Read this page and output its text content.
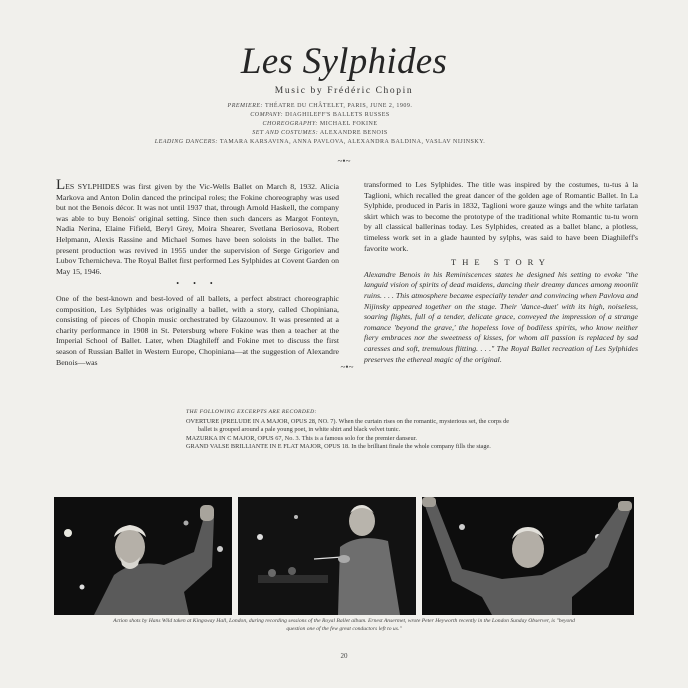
Les Sylphides
Music by Frédéric Chopin
PREMIERE: THÉATRE DU CHÂTELET, PARIS, JUNE 2, 1909.
COMPANY: DIAGHILEFF'S BALLETS RUSSES
CHOREOGRAPHY: MICHAEL FOKINE
SET AND COSTUMES: ALEXANDRE BENOIS
LEADING DANCERS: TAMARA KARSAVINA, ANNA PAVLOVA, ALEXANDRA BALDINA, VASLAV NIJINSKY.
~•~

LES SYLPHIDES was first given by the Vic-Wells Ballet on March 8, 1932. Alicia Markova and Anton Dolin danced the principal roles; the Fokine choreography was used but not the Benois décor. It was not until 1937 that, through Arnold Haskell, the company was able to buy Benois' original setting. Since then such dancers as Margot Fonteyn, Nadia Nerina, Elaine Fifield, Beryl Grey, Moira Shearer, Svetlana Beriosova, Robert Helpmann, Alexis Rassine and Michael Somes have been soloists in the ballet. The present production was revived in 1955 under the supervision of Serge Grigoriev and Lubov Tchernicheva. The Royal Ballet first performed Les Sylphides at Covent Garden on May 15, 1946.

• • •

One of the best-known and best-loved of all ballets, a perfect abstract choreographic composition, Les Sylphides was originally a ballet, with a story, called Chopiniana, consisting of pieces of Chopin music orchestrated by Glazounov. It was presented at a charity performance in 1908 in St. Petersburg where Fokine was then a teacher at the Imperial School of Ballet. Later, when Diaghileff and Fokine met to discuss the first season of Russian Ballet in Western Europe, Chopiniana—at the suggestion of Alexandre Benois—was	~•~

transformed to Les Sylphides. The title was inspired by the costumes, tu-tus à la Taglioni, which recalled the great dancer of the golden age of Romantic Ballet. In La Sylphide, produced in Paris in 1832, Taglioni wore gauze wings and the white tarlatan skirt which was to become the prototype of the traditional white Romantic tu-tu worn by all classical ballerinas today. Les Sylphides, created as a ballet blanc, a plotless, timeless work set in a glade haunted by sylphs, was said to have been Diaghileff's favorite work.

THE STORY

Alexandre Benois in his Reminiscences states he designed his setting to evoke "the languid vision of spirits of dead maidens, dancing their dreamy dances among moonlit ruins. . . . This atmosphere became especially tender and convincing when Pavlova and Nijinsky appeared together on the stage. Their 'dance-duet' with its high, noiseless, soaring flights, full of a tender, delicate grace, conveyed the impression of a strange romance 'beyond the grave,' the hopeless love of bodiless spirits, who know neither fiery embraces nor the sweetness of kisses, for whom all passion is replaced by sad caresses and soft, tremulous flitting. . . ." The Royal Ballet recreation of Les Sylphides preserves the ethereal magic of the original.

THE FOLLOWING EXCERPTS ARE RECORDED:
OVERTURE (PRELUDE IN A MAJOR, OPUS 28, NO. 7). When the curtain rises on the romantic, mysterious set, the corps de ballet is grouped around a pale young poet, in white shirt and black velvet tunic.
MAZURKA IN C MAJOR, OPUS 67, No. 3. This is a famous solo for the premier danseur.
GRAND VALSE BRILLIANTE IN E FLAT MAJOR, OPUS 18. In the brilliant finale the whole company fills the stage.
Action shots by Hans Wild taken at Kingsway Hall, London, during recording sessions of the Royal Ballet album. Ernest Ansermet, wrote Peter Heyworth recently in the London Sunday Observer, is "beyond question one of the few great conductors left to us."
20
